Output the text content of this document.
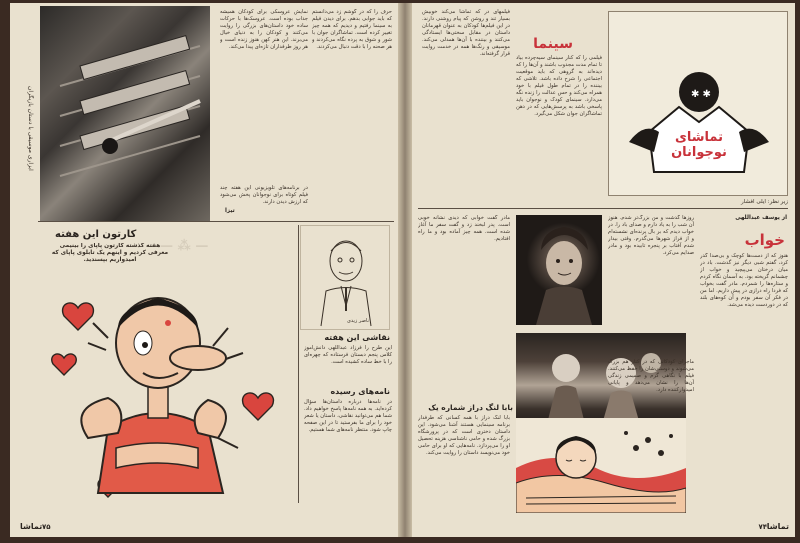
ابزاری موسیقی با دستان بازیگران
حرف را که در گوشم زد می‌دانستم که باید جوابی بدهم. برای دیدن فیلم به سینما رفتیم و دیدیم که همه چیز تغییر کرده است. تماشاگران جوان با شور و شوق به پرده نگاه می‌کردند و هر صحنه را با دقت دنبال می‌کردند.
نمایش عروسکی برای کودکان همیشه جذاب بوده است. عروسک‌ها با حرکات ساده خود داستان‌های بزرگی را روایت می‌کنند و کودکان را به دنیای خیال می‌برند. این هنر کهن هنوز زنده است و هر روز طرفداران تازه‌ای پیدا می‌کند.
در برنامه‌های تلویزیونی این هفته چند فیلم کوتاه برای نوجوانان پخش می‌شود که ارزش دیدن دارند.
تیزا
کارتون این هفته
هفته گذشته کارتون پاپای را بینیمی معرفی کردیم و اینهم یک تابلوی پاپای که امیدواریم بپسندید.
— ⁂ —
ناصر زیدی
نقاشی این هفته
این طرح را فرزاد عبداللهی دانش‌آموز کلاس پنجم دبستان فرستاده که چهره‌ای را با خط ساده کشیده است.
نامه‌های رسیده
در نامه‌ها درباره داستان‌ها سؤال کرده‌اید. به همه نامه‌ها پاسخ خواهیم داد. شما هم می‌توانید نقاشی، داستان یا شعر خود را برای ما بفرستید تا در این صفحه چاپ شود. منتظر نامه‌های شما هستیم.
۷۵
تماشا
سینما
فیلمی را که کنار سینمای سیه‌چرده بیاد تا تمام مدت مجذوب باشند و آن‌ها را که دیده‌اند به گروهی که باید موقعیت اجتماعی را شرح داده باشد. تلاشی که بیننده را در تمام طول فیلم با خود همراه می‌کند و حس عدالت را زنده نگه می‌دارد. سینمای کودک و نوجوان باید پاسخی باشد به پرسش‌هایی که در ذهن تماشاگران جوان شکل می‌گیرد.
فیلمهای در که تماشا می‌کند خوبیش بسیار تند و روشن که پیام روشنی دارند. در این فیلم‌ها کودکان به عنوان قهرمانان داستان در مقابل سختی‌ها ایستادگی می‌کنند و بیننده با آن‌ها همدلی می‌کند. موسیقی و رنگ‌ها همه در خدمت روایت قرار گرفته‌اند.
✱ ✱
تماشای نوجوانان
زیر نظر: ایلی افشار
از یوسف عبداللهی
خواب
هنوز که از دست‌ها کوچک و بی‌صدا گذر کرد، گفتم شبی دیگر نیز گذشت. باد در میان درختان می‌پیچید و خواب از چشمانم گریخته بود. به آسمان نگاه کردم و ستاره‌ها را شمردم. مادر گفت بخواب که فردا راه درازی در پیش داریم. اما من در فکر آن سفر بودم و آن کوه‌های بلند که در دوردست دیده می‌شد.
روزها گذشت و من بزرگ‌تر شدم. هنوز آن شب را به یاد دارم و صدای باد را. در خواب دیدم که بر بال پرنده‌ای نشسته‌ام و از فراز شهرها می‌گذرم. وقتی بیدار شدم آفتاب بر پنجره تابیده بود و مادر صدایم می‌کرد.
مادر گفت خوابی که دیدی نشانه خوبی است. پدر لبخند زد و گفت سفر ما آغاز شده است. همه چیز آماده بود و ما راه افتادیم.
ماجرای کودکانی که در کنار هم بزرگ می‌شوند و دوستی‌شان را حفظ می‌کنند. فیلم با نگاهی گرم و صمیمی زندگی آن‌ها را نشان می‌دهد و پایانی امیدوارکننده دارد.
بابا لنگ دراز شماره یک
بابا لنگ دراز با همه کسانی که طرفدار برنامه سینمایی هستند آشنا می‌شود. این داستان دختری است که در پرورشگاه بزرگ شده و حامی ناشناسی هزینه تحصیل او را می‌پردازد. نامه‌هایی که او برای حامی خود می‌نویسد داستان را روایت می‌کند.
۷۴ تماشا
